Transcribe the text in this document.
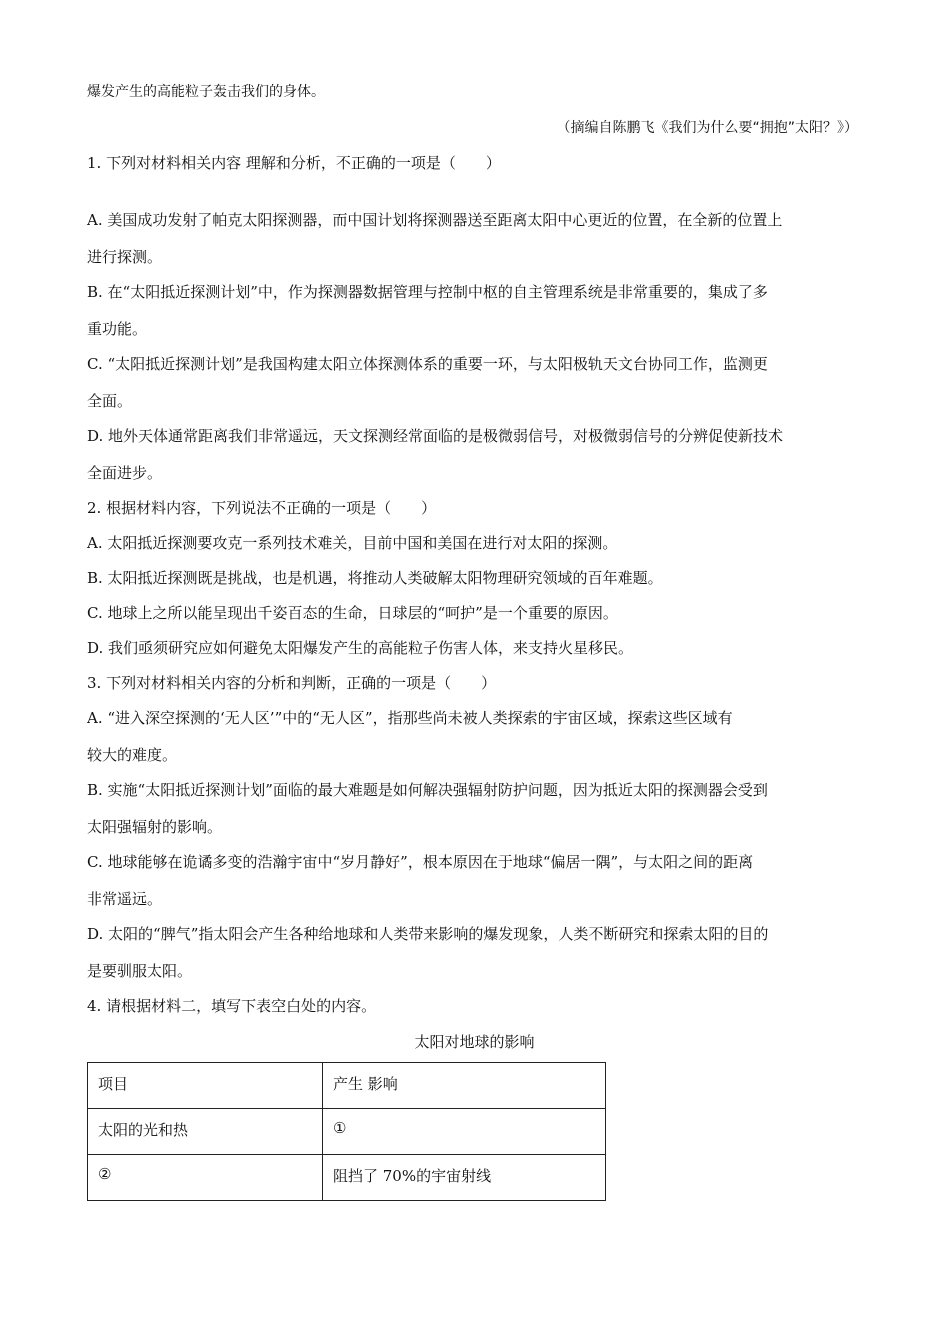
爆发产生的高能粒子轰击我们的身体。
（摘编自陈鹏飞《我们为什么要“拥抱”太阳？》）
1. 下列对材料相关内容 理解和分析，不正确的一项是（　　）
A. 美国成功发射了帕克太阳探测器，而中国计划将探测器送至距离太阳中心更近的位置，在全新的位置上
进行探测。
B. 在“太阳抵近探测计划”中，作为探测器数据管理与控制中枢的自主管理系统是非常重要的，集成了多
重功能。
C. “太阳抵近探测计划”是我国构建太阳立体探测体系的重要一环，与太阳极轨天文台协同工作，监测更
全面。
D. 地外天体通常距离我们非常遥远，天文探测经常面临的是极微弱信号，对极微弱信号的分辨促使新技术
全面进步。
2. 根据材料内容，下列说法不正确的一项是（　　）
A. 太阳抵近探测要攻克一系列技术难关，目前中国和美国在进行对太阳的探测。
B. 太阳抵近探测既是挑战，也是机遇，将推动人类破解太阳物理研究领域的百年难题。
C. 地球上之所以能呈现出千姿百态的生命，日球层的“呵护”是一个重要的原因。
D. 我们亟须研究应如何避免太阳爆发产生的高能粒子伤害人体，来支持火星移民。
3. 下列对材料相关内容的分析和判断，正确的一项是（　　）
A. “进入深空探测的‘无人区’”中的“无人区”，指那些尚未被人类探索的宇宙区域，探索这些区域有
较大的难度。
B. 实施“太阳抵近探测计划”面临的最大难题是如何解决强辐射防护问题，因为抵近太阳的探测器会受到
太阳强辐射的影响。
C. 地球能够在诡谲多变的浩瀚宇宙中“岁月静好”，根本原因在于地球“偏居一隅”，与太阳之间的距离
非常遥远。
D. 太阳的“脾气”指太阳会产生各种给地球和人类带来影响的爆发现象，人类不断研究和探索太阳的目的
是要驯服太阳。
4. 请根据材料二，填写下表空白处的内容。
太阳对地球的影响
项目	产生 影响
太阳的光和热	①
②	阻挡了 70%的宇宙射线
